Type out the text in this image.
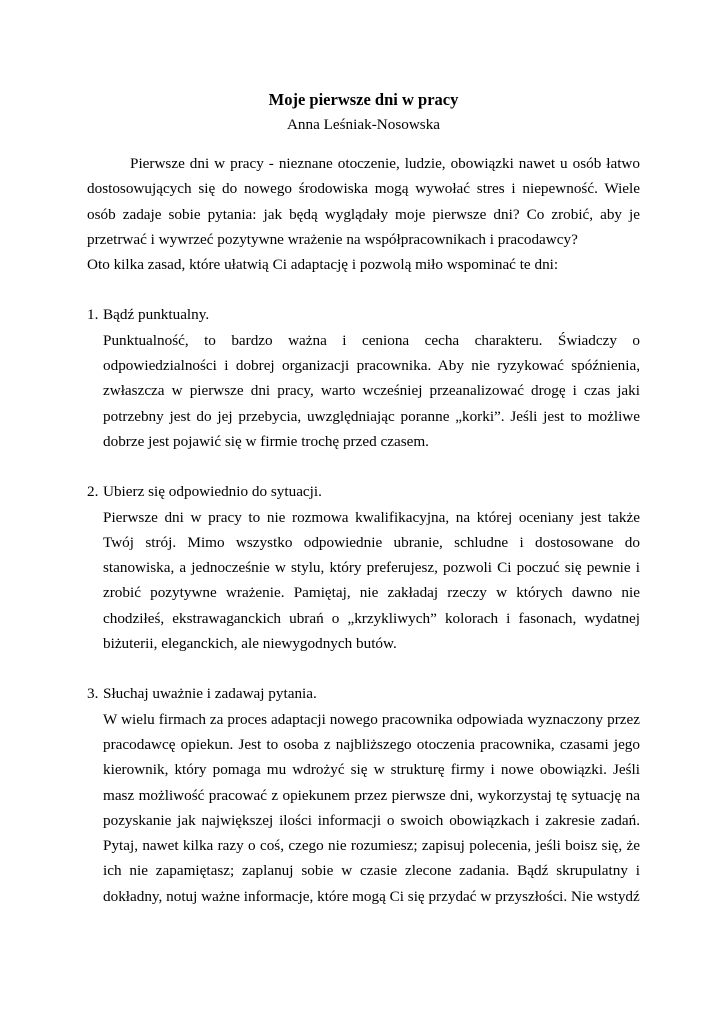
Moje pierwsze dni w pracy

Anna Leśniak-Nosowska

Pierwsze dni w pracy - nieznane otoczenie, ludzie, obowiązki nawet u osób łatwo dostosowujących się do nowego środowiska mogą wywołać stres i niepewność. Wiele osób zadaje sobie pytania: jak będą wyglądały moje pierwsze dni? Co zrobić, aby je przetrwać i wywrzeć pozytywne wrażenie na współpracownikach i pracodawcy?

Oto kilka zasad, które ułatwią Ci adaptację i pozwolą miło wspominać te dni:

1. Bądź punktualny.

Punktualność, to bardzo ważna i ceniona cecha charakteru. Świadczy o odpowiedzialności i dobrej organizacji pracownika. Aby nie ryzykować spóźnienia, zwłaszcza w pierwsze dni pracy, warto wcześniej przeanalizować drogę i czas jaki potrzebny jest do jej przebycia, uwzględniając poranne „korki”. Jeśli jest to możliwe dobrze jest pojawić się w firmie trochę przed czasem.

2. Ubierz się odpowiednio do sytuacji.

Pierwsze dni w pracy to nie rozmowa kwalifikacyjna, na której oceniany jest także Twój strój. Mimo wszystko odpowiednie ubranie, schludne i dostosowane do stanowiska, a jednocześnie w stylu, który preferujesz, pozwoli Ci poczuć się pewnie i zrobić pozytywne wrażenie. Pamiętaj, nie zakładaj rzeczy w których dawno nie chodziłeś, ekstrawaganckich ubrań o „krzykliwych” kolorach i fasonach, wydatnej biżuterii, eleganckich, ale niewygodnych butów.

3. Słuchaj uważnie i zadawaj pytania.

W wielu firmach za proces adaptacji nowego pracownika odpowiada wyznaczony przez pracodawcę opiekun. Jest to osoba z najbliższego otoczenia pracownika, czasami jego kierownik, który pomaga mu wdrożyć się w strukturę firmy i nowe obowiązki. Jeśli masz możliwość pracować z opiekunem przez pierwsze dni, wykorzystaj tę sytuację na pozyskanie jak największej ilości informacji o swoich obowiązkach i zakresie zadań. Pytaj, nawet kilka razy o coś, czego nie rozumiesz; zapisuj polecenia, jeśli boisz się, że ich nie zapamiętasz; zaplanuj sobie w czasie zlecone zadania. Bądź skrupulatny i dokładny, notuj ważne informacje, które mogą Ci się przydać w przyszłości. Nie wstydź
